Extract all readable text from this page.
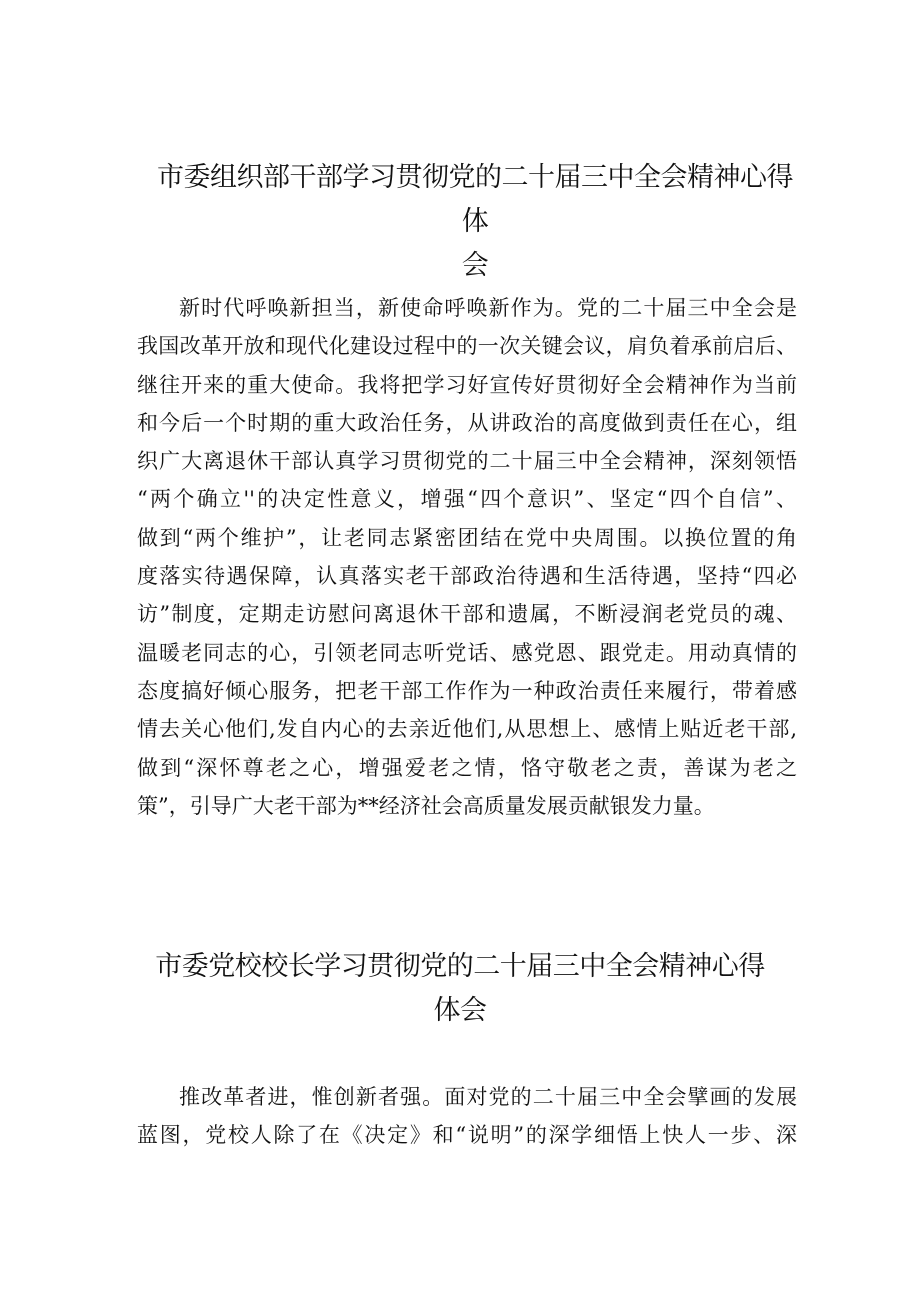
市委组织部干部学习贯彻党的二十届三中全会精神心得体
会
新时代呼唤新担当，新使命呼唤新作为。党的二十届三中全会是
我国改革开放和现代化建设过程中的一次关键会议，肩负着承前启后、
继往开来的重大使命。我将把学习好宣传好贯彻好全会精神作为当前
和今后一个时期的重大政治任务，从讲政治的高度做到责任在心，组
织广大离退休干部认真学习贯彻党的二十届三中全会精神，深刻领悟
“两个确立''的决定性意义，增强“四个意识”、坚定“四个自信”、
做到“两个维护”，让老同志紧密团结在党中央周围。以换位置的角
度落实待遇保障，认真落实老干部政治待遇和生活待遇，坚持“四必
访”制度，定期走访慰问离退休干部和遗属，不断浸润老党员的魂、
温暖老同志的心，引领老同志听党话、感党恩、跟党走。用动真情的
态度搞好倾心服务，把老干部工作作为一种政治责任来履行，带着感
情去关心他们,发自内心的去亲近他们,从思想上、感情上贴近老干部,
做到“深怀尊老之心，增强爱老之情，恪守敬老之责，善谋为老之
策”，引导广大老干部为**经济社会高质量发展贡献银发力量。
市委党校校长学习贯彻党的二十届三中全会精神心得
体会
推改革者进，惟创新者强。面对党的二十届三中全会擘画的发展
蓝图，党校人除了在《决定》和“说明”的深学细悟上快人一步、深
